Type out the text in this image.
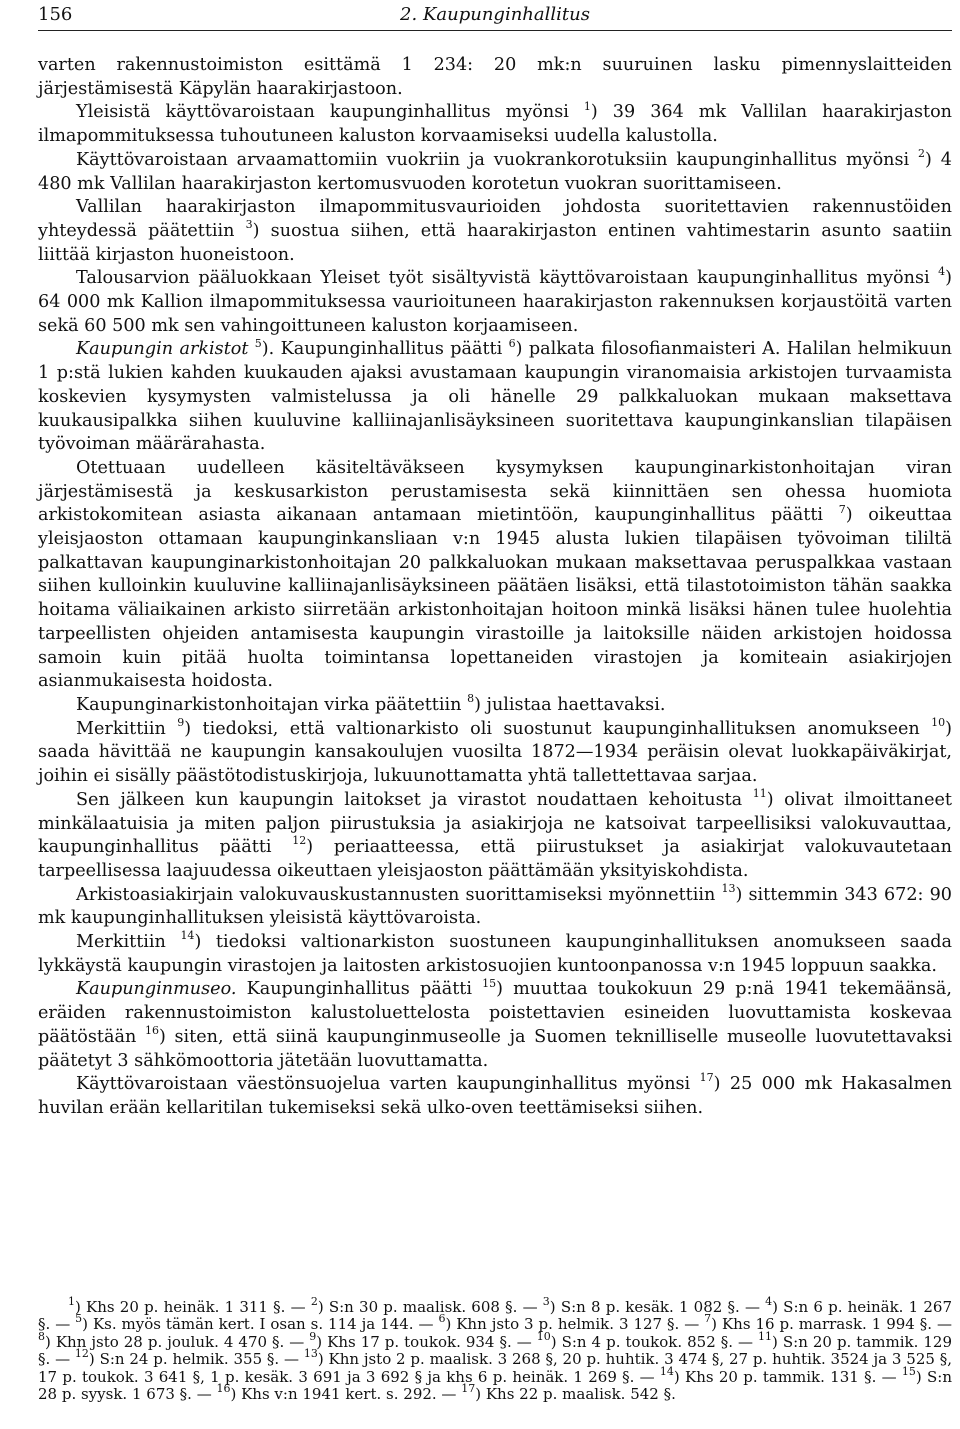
156	2. Kaupunginhallitus

varten rakennustoimiston esittämä 1 234: 20 mk:n suuruinen lasku pimennyslaitteiden järjestämisestä Käpylän haarakirjastoon.

Yleisistä käyttövaroistaan kaupunginhallitus myönsi $^1$) 39 364 mk Vallilan haarakirjaston ilmapommituksessa tuhoutuneen kaluston korvaamiseksi uudella kalustolla.

Käyttövaroistaan arvaamattomiin vuokriin ja vuokrankorotuksiin kaupunginhallitus myönsi $^2$) 4 480 mk Vallilan haarakirjaston kertomusvuoden korotetun vuokran suorittamiseen.

Vallilan haarakirjaston ilmapommitusvaurioiden johdosta suoritettavien rakennustöiden yhteydessä päätettiin $^3$) suostua siihen, että haarakirjaston entinen vahtimestarin asunto saatiin liittää kirjaston huoneistoon.

Talousarvion pääluokkaan Yleiset työt sisältyvistä käyttövaroistaan kaupunginhallitus myönsi $^4$) 64 000 mk Kallion ilmapommituksessa vaurioituneen haarakirjaston rakennuksen korjaustöitä varten sekä 60 500 mk sen vahingoittuneen kaluston korjaamiseen.

Kaupungin arkistot $^5$). Kaupunginhallitus päätti $^6$) palkata filosofianmaisteri A. Halilan helmikuun 1 p:stä lukien kahden kuukauden ajaksi avustamaan kaupungin viranomaisia arkistojen turvaamista koskevien kysymysten valmistelussa ja oli hänelle 29 palkkaluokan mukaan maksettava kuukausipalkka siihen kuuluvine kalliinajanlisäyksineen suoritettava kaupunginkanslian tilapäisen työvoiman määrärahasta.

Otettuaan uudelleen käsiteltäväkseen kysymyksen kaupunginarkistonhoitajan viran järjestämisestä ja keskusarkiston perustamisesta sekä kiinnittäen sen ohessa huomiota arkistokomitean asiasta aikanaan antamaan mietintöön, kaupunginhallitus päätti $^7$) oikeuttaa yleisjaoston ottamaan kaupunginkansliaan v:n 1945 alusta lukien tilapäisen työvoiman tililtä palkattavan kaupunginarkistonhoitajan 20 palkkaluokan mukaan maksettavaa peruspalkkaa vastaan siihen kulloinkin kuuluvine kalliinajanlisäyksineen päätäen lisäksi, että tilastotoimiston tähän saakka hoitama väliaikainen arkisto siirretään arkistonhoitajan hoitoon minkä lisäksi hänen tulee huolehtia tarpeellisten ohjeiden antamisesta kaupungin virastoille ja laitoksille näiden arkistojen hoidossa samoin kuin pitää huolta toimintansa lopettaneiden virastojen ja komiteain asiakirjojen asianmukaisesta hoidosta.

Kaupunginarkistonhoitajan virka päätettiin $^8$) julistaa haettavaksi.

Merkittiin $^9$) tiedoksi, että valtionarkisto oli suostunut kaupunginhallituksen anomukseen $^{10}$) saada hävittää ne kaupungin kansakoulujen vuosilta 1872—1934 peräisin olevat luokkapäiväkirjat, joihin ei sisälly päästötodistuskirjoja, lukuunottamatta yhtä tallettettavaa sarjaa.

Sen jälkeen kun kaupungin laitokset ja virastot noudattaen kehoitusta $^{11}$) olivat ilmoittaneet minkälaatuisia ja miten paljon piirustuksia ja asiakirjoja ne katsoivat tarpeellisiksi valokuvauttaa, kaupunginhallitus päätti $^{12}$) periaatteessa, että piirustukset ja asiakirjat valokuvautetaan tarpeellisessa laajuudessa oikeuttaen yleisjaoston päättämään yksityiskohdista.

Arkistoasiakirjain valokuvauskustannusten suorittamiseksi myönnettiin $^{13}$) sittemmin 343 672: 90 mk kaupunginhallituksen yleisistä käyttövaroista.

Merkittiin $^{14}$) tiedoksi valtionarkiston suostuneen kaupunginhallituksen anomukseen saada lykkäystä kaupungin virastojen ja laitosten arkistosuojien kuntoonpanossa v:n 1945 loppuun saakka.

Kaupunginmuseo. Kaupunginhallitus päätti $^{15}$) muuttaa toukokuun 29 p:nä 1941 tekemäänsä, eräiden rakennustoimiston kalustoluettelosta poistettavien esineiden luovuttamista koskevaa päätöstään $^{16}$) siten, että siinä kaupunginmuseolle ja Suomen teknilliselle museolle luovutettavaksi päätetyt 3 sähkömoottoria jätetään luovuttamatta.

Käyttövaroistaan väestönsuojelua varten kaupunginhallitus myönsi $^{17}$) 25 000 mk Hakasalmen huvilan erään kellaritilan tukemiseksi sekä ulko-oven teettämiseksi siihen.

$^1$) Khs 20 p. heinäk. 1 311 §. — $^2$) S:n 30 p. maalisk. 608 §. — $^3$) S:n 8 p. kesäk. 1 082 §. — $^4$) S:n 6 p. heinäk. 1 267 §. — $^5$) Ks. myös tämän kert. I osan s. 114 ja 144. — $^6$) Khn jsto 3 p. helmik. 3 127 §. — $^7$) Khs 16 p. marrask. 1 994 §. — $^8$) Khn jsto 28 p. jouluk. 4 470 §. — $^9$) Khs 17 p. toukok. 934 §. — $^{10}$) S:n 4 p. toukok. 852 §. — $^{11}$) S:n 20 p. tammik. 129 §. — $^{12}$) S:n 24 p. helmik. 355 §. — $^{13}$) Khn jsto 2 p. maalisk. 3 268 §, 20 p. huhtik. 3 474 §, 27 p. huhtik. 3524 ja 3 525 §, 17 p. toukok. 3 641 §, 1 p. kesäk. 3 691 ja 3 692 § ja khs 6 p. heinäk. 1 269 §. — $^{14}$) Khs 20 p. tammik. 131 §. — $^{15}$) S:n 28 p. syysk. 1 673 §. — $^{16}$) Khs v:n 1941 kert. s. 292. — $^{17}$) Khs 22 p. maalisk. 542 §.
